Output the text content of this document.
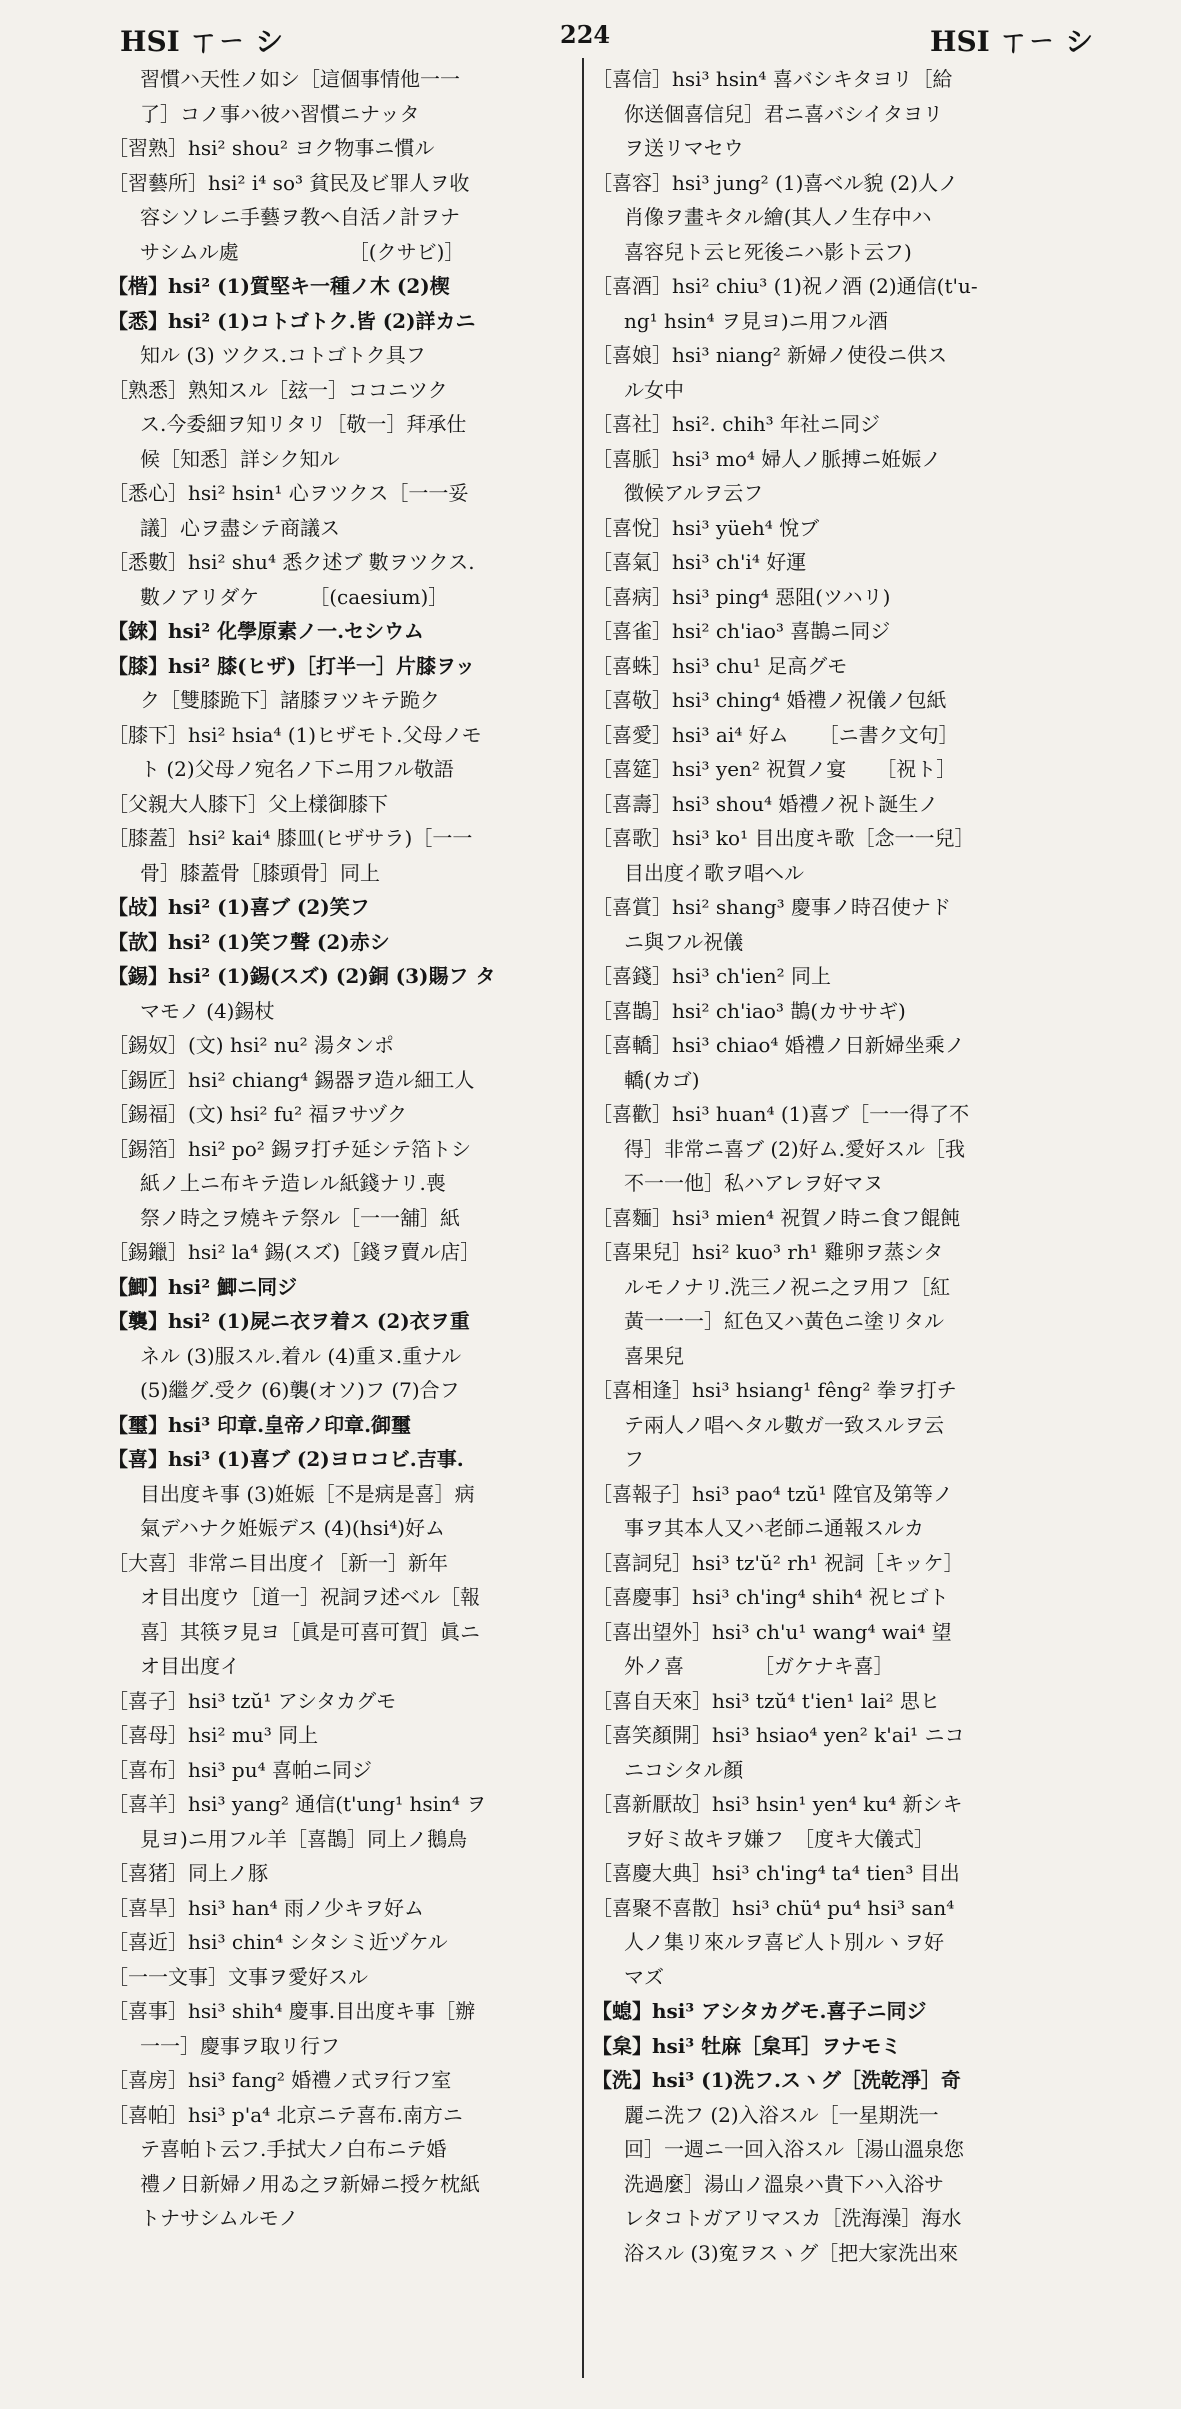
HSI ㄒㄧ シ	224	HSI ㄒㄧ シ

習慣ハ天性ノ如シ［這個事情他一一

了］コノ事ハ彼ハ習慣ニナッタ

［習熟］hsi² shou² ヨク物事ニ慣ル

［習藝所］hsi² i⁴ so³ 貧民及ビ罪人ヲ收

容シソレニ手藝ヲ教ヘ自活ノ計ヲナ

サシムル處　　　　　　［(クサビ)］

【楷】hsi² (1)質堅キ一種ノ木 (2)楔

【悉】hsi² (1)コトゴトク.皆 (2)詳カニ

知ル (3) ツクス.コトゴトク具フ

［熟悉］熟知スル［玆一］ココニツク

ス.今委細ヲ知リタリ［敬一］拜承仕

候［知悉］詳シク知ル

［悉心］hsi² hsin¹ 心ヲツクス［一一妥

議］心ヲ盡シテ商議ス

［悉數］hsi² shu⁴ 悉ク述ブ 數ヲツクス.

數ノアリダケ　　　［(caesium)］

【錸】hsi² 化學原素ノ一.セシウム

【膝】hsi² 膝(ヒザ)［打半一］片膝ヲッ

ク［雙膝跪下］諸膝ヲツキテ跪ク

［膝下］hsi² hsia⁴ (1)ヒザモト.父母ノモ

ト (2)父母ノ宛名ノ下ニ用フル敬語

［父親大人膝下］父上樣御膝下

［膝蓋］hsi² kai⁴ 膝皿(ヒザサラ)［一一

骨］膝蓋骨［膝頭骨］同上

【敁】hsi² (1)喜ブ (2)笑フ

【欯】hsi² (1)笑フ聲 (2)赤シ

【錫】hsi² (1)錫(スズ) (2)銅 (3)賜フ タ

マモノ (4)錫杖

［錫奴］(文) hsi² nu² 湯タンポ

［錫匠］hsi² chiang⁴ 錫器ヲ造ル細工人

［錫福］(文) hsi² fu² 福ヲサヅク

［錫箔］hsi² po² 錫ヲ打チ延シテ箔トシ

紙ノ上ニ布キテ造レル紙錢ナリ.喪

祭ノ時之ヲ燒キテ祭ル［一一舖］紙

［錫鑞］hsi² la⁴ 錫(スズ)［錢ヲ賣ル店］

【鯽】hsi² 鯽ニ同ジ

【襲】hsi² (1)屍ニ衣ヲ着ス (2)衣ヲ重

ネル (3)服スル.着ル (4)重ヌ.重ナル

(5)繼グ.受ク (6)襲(オソ)フ (7)合フ

【璽】hsi³ 印章.皇帝ノ印章.御璽

【喜】hsi³ (1)喜ブ (2)ヨロコビ.吉事.

目出度キ事 (3)姙娠［不是病是喜］病

氣デハナク姙娠デス (4)(hsi⁴)好ム

［大喜］非常ニ目出度イ［新一］新年

オ目出度ウ［道一］祝詞ヲ述ベル［報

喜］其筷ヲ見ヨ［眞是可喜可賀］眞ニ

オ目出度イ

［喜子］hsi³ tzŭ¹ アシタカグモ

［喜母］hsi² mu³ 同上

［喜布］hsi³ pu⁴ 喜帕ニ同ジ

［喜羊］hsi³ yang² 通信(t'ung¹ hsin⁴ ヲ

見ヨ)ニ用フル羊［喜鵲］同上ノ鵝鳥

［喜猪］同上ノ豚

［喜旱］hsi³ han⁴ 雨ノ少キヲ好ム

［喜近］hsi³ chin⁴ シタシミ近ヅケル

［一一文事］文事ヲ愛好スル

［喜事］hsi³ shih⁴ 慶事.目出度キ事［辦

一一］慶事ヲ取リ行フ

［喜房］hsi³ fang² 婚禮ノ式ヲ行フ室

［喜帕］hsi³ p'a⁴ 北京ニテ喜布.南方ニ

テ喜帕ト云フ.手拭大ノ白布ニテ婚

禮ノ日新婦ノ用ゐ之ヲ新婦ニ授ケ枕紙

トナサシムルモノ

［喜信］hsi³ hsin⁴ 喜バシキタヨリ［給

你送個喜信兒］君ニ喜バシイタヨリ

ヲ送リマセウ

［喜容］hsi³ jung² (1)喜ベル貌 (2)人ノ

肖像ヲ畫キタル繪(其人ノ生存中ハ

喜容兒ト云ヒ死後ニハ影ト云フ)

［喜酒］hsi² chiu³ (1)祝ノ酒 (2)通信(t'u-

ng¹ hsin⁴ ヲ見ヨ)ニ用フル酒

［喜娘］hsi³ niang² 新婦ノ使役ニ供ス

ル女中

［喜社］hsi². chih³ 年社ニ同ジ

［喜脈］hsi³ mo⁴ 婦人ノ脈搏ニ姙娠ノ

徴候アルヲ云フ

［喜悅］hsi³ yüeh⁴ 悅ブ

［喜氣］hsi³ ch'i⁴ 好運

［喜病］hsi³ ping⁴ 惡阻(ツハリ)

［喜雀］hsi² ch'iao³ 喜鵲ニ同ジ

［喜蛛］hsi³ chu¹ 足高グモ

［喜敬］hsi³ ching⁴ 婚禮ノ祝儀ノ包紙

［喜愛］hsi³ ai⁴ 好ム　　［ニ書ク文句］

［喜筵］hsi³ yen² 祝賀ノ宴　　［祝ト］

［喜壽］hsi³ shou⁴ 婚禮ノ祝ト誕生ノ

［喜歌］hsi³ ko¹ 目出度キ歌［念一一兒］

目出度イ歌ヲ唱ヘル

［喜賞］hsi² shang³ 慶事ノ時召使ナド

ニ與フル祝儀

［喜錢］hsi³ ch'ien² 同上

［喜鵲］hsi² ch'iao³ 鵲(カササギ)

［喜轎］hsi³ chiao⁴ 婚禮ノ日新婦坐乘ノ

轎(カゴ)

［喜歡］hsi³ huan⁴ (1)喜ブ［一一得了不

得］非常ニ喜ブ (2)好ム.愛好スル［我

不一一他］私ハアレヲ好マヌ

［喜麵］hsi³ mien⁴ 祝賀ノ時ニ食フ餛飩

［喜果兒］hsi² kuo³ rh¹ 雞卵ヲ蒸シタ

ルモノナリ.洗三ノ祝ニ之ヲ用フ［紅

黃一一一］紅色又ハ黃色ニ塗リタル

喜果兒

［喜相逢］hsi³ hsiang¹ fêng² 拳ヲ打チ

テ兩人ノ唱ヘタル數ガ一致スルヲ云

フ

［喜報子］hsi³ pao⁴ tzŭ¹ 陞官及第等ノ

事ヲ其本人又ハ老師ニ通報スルカ

［喜詞兒］hsi³ tz'ŭ² rh¹ 祝詞［キッケ］

［喜慶事］hsi³ ch'ing⁴ shih⁴ 祝ヒゴト

［喜出望外］hsi³ ch'u¹ wang⁴ wai⁴ 望

外ノ喜　　　　［ガケナキ喜］

［喜自天來］hsi³ tzŭ⁴ t'ien¹ lai² 思ヒ

［喜笑顏開］hsi³ hsiao⁴ yen² k'ai¹ ニコ

ニコシタル顏

［喜新厭故］hsi³ hsin¹ yen⁴ ku⁴ 新シキ

ヲ好ミ故キヲ嫌フ　［度キ大儀式］

［喜慶大典］hsi³ ch'ing⁴ ta⁴ tien³ 目出

［喜聚不喜散］hsi³ chü⁴ pu⁴ hsi³ san⁴

人ノ集リ來ルヲ喜ビ人ト別ルヽヲ好

マズ

【螅】hsi³ アシタカグモ.喜子ニ同ジ

【枲】hsi³ 牡麻［枲耳］ヲナモミ

【洗】hsi³ (1)洗フ.スヽグ［洗乾淨］奇

麗ニ洗フ (2)入浴スル［一星期洗一

回］一週ニ一回入浴スル［湯山溫泉您

洗過麼］湯山ノ溫泉ハ貴下ハ入浴サ

レタコトガアリマスカ［洗海澡］海水

浴スル (3)寃ヲスヽグ［把大家洗出來
